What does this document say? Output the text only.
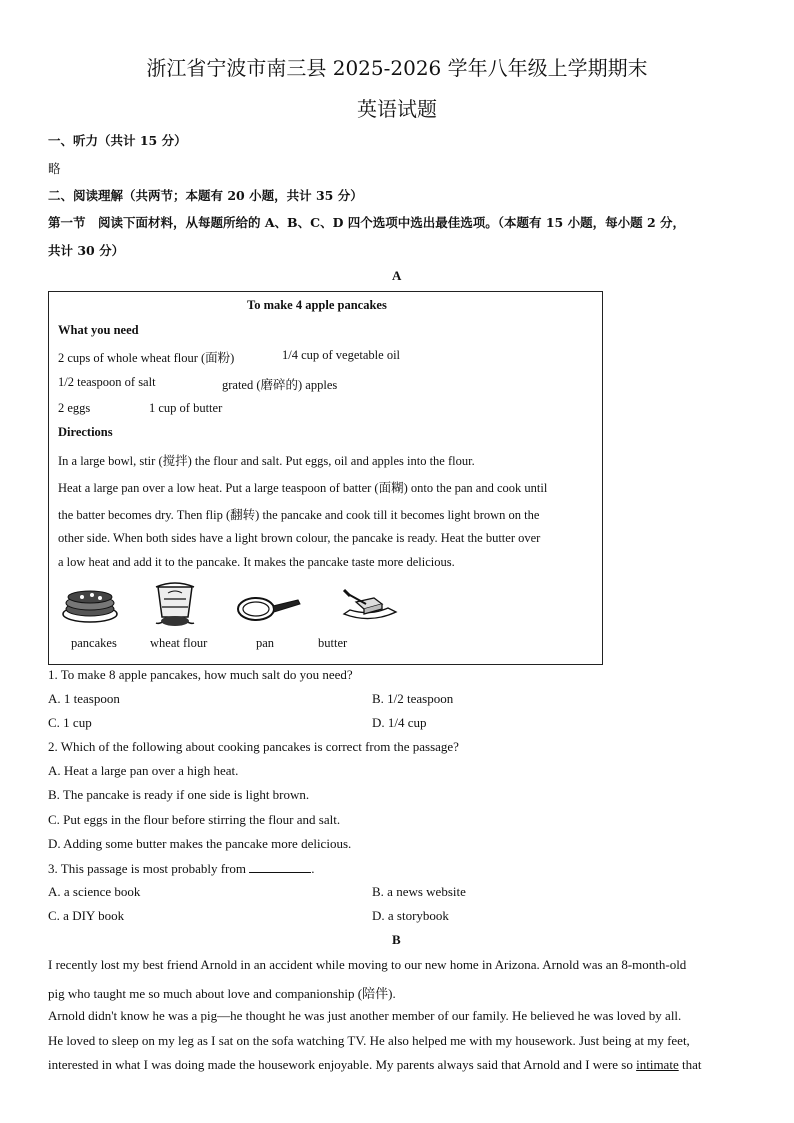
浙江省宁波市南三县 2025-2026 学年八年级上学期期末
英语试题
一、听力（共计 15 分）
略
二、阅读理解（共两节；本题有 20 小题，共计 35 分）
第一节　阅读下面材料，从每题所给的 A、B、C、D 四个选项中选出最佳选项。（本题有 15 小题，每小题 2 分，
共计 30 分）
A
To make 4 apple pancakes
What you need
2 cups of whole wheat flour (面粉)	1/4 cup of vegetable oil
1/2 teaspoon of salt	grated (磨碎的) apples
2 eggs	1 cup of butter
Directions
In a large bowl, stir (搅拌) the flour and salt. Put eggs, oil and apples into the flour.
Heat a large pan over a low heat. Put a large teaspoon of batter (面糊) onto the pan and cook until
the batter becomes dry. Then flip (翻转) the pancake and cook till it becomes light brown on the
other side. When both sides have a light brown colour, the pancake is ready. Heat the butter over
a low heat and add it to the pancake. It makes the pancake taste more delicious.
pancakes	wheat flour	pan	butter
1. To make 8 apple pancakes, how much salt do you need?
A. 1 teaspoon	B. 1/2 teaspoon
C. 1 cup	D. 1/4 cup
2. Which of the following about cooking pancakes is correct from the passage?
A. Heat a large pan over a high heat.
B. The pancake is ready if one side is light brown.
C. Put eggs in the flour before stirring the flour and salt.
D. Adding some butter makes the pancake more delicious.
3. This passage is most probably from	.
A. a science book	B. a news website
C. a DIY book	D. a storybook
B
I recently lost my best friend Arnold in an accident while moving to our new home in Arizona. Arnold was an 8-month-old
pig who taught me so much about love and companionship (陪伴).
Arnold didn't know he was a pig—he thought he was just another member of our family. He believed he was loved by all.
He loved to sleep on my leg as I sat on the sofa watching TV. He also helped me with my housework. Just being at my feet,
interested in what I was doing made the housework enjoyable. My parents always said that Arnold and I were so intimate that
